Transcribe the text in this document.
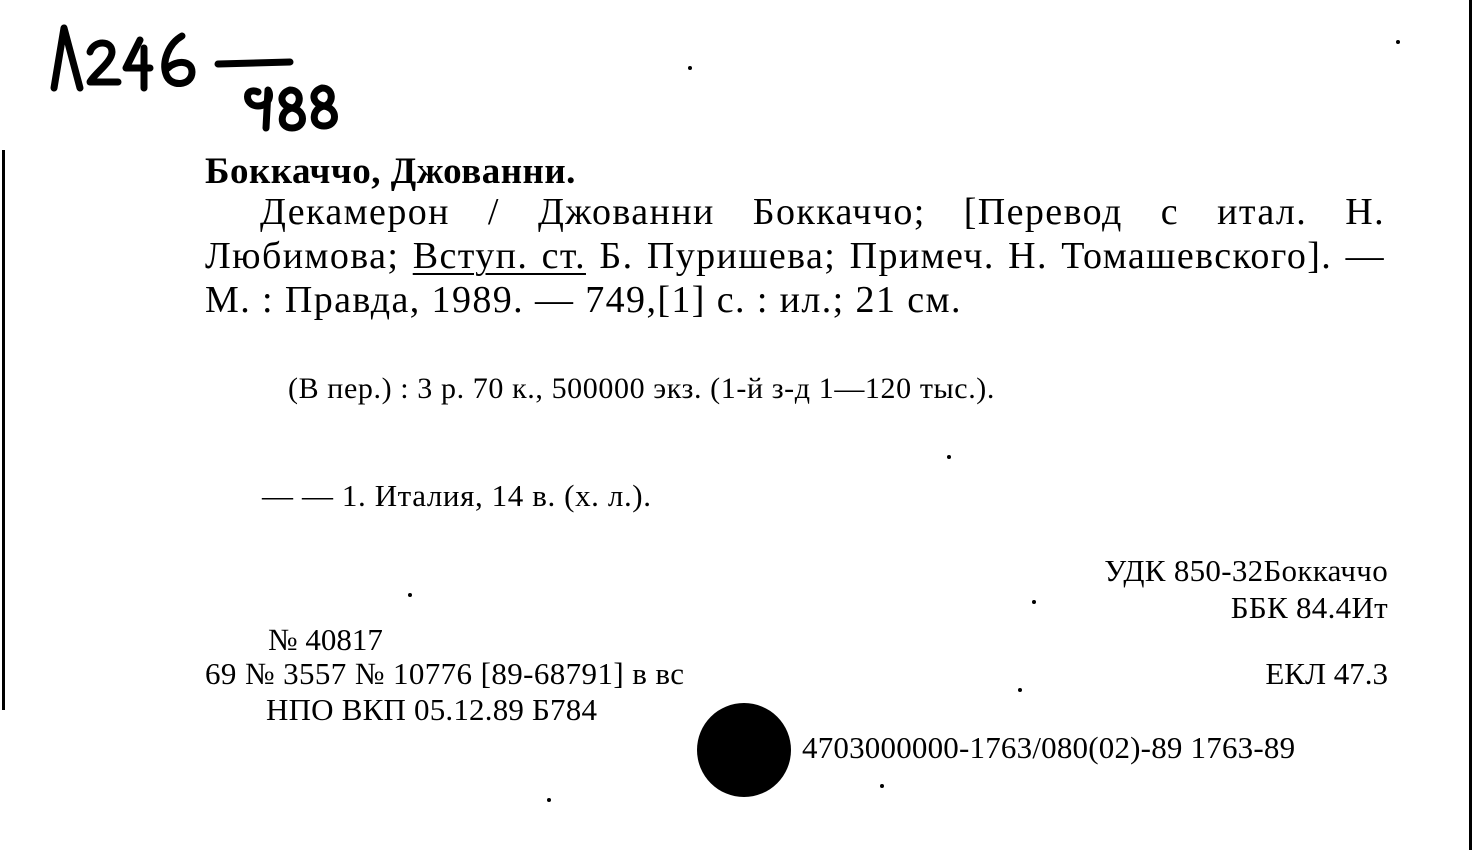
Боккаччо, Джованни.
Декамерон / Джованни Боккаччо; [Перевод с итал. Н. Любимова; Вступ. ст. Б. Пуришева; Примеч. Н. Томашевского]. — М. : Правда, 1989. — 749,[1] с. : ил.; 21 см.
(В пер.) : 3 р. 70 к., 500000 экз. (1-й з-д 1—120 тыс.).
— — 1. Италия, 14 в. (х. л.).
УДК 850-32Боккаччо
ББК 84.4Ит
№ 40817
69 № 3557 № 10776 [89-68791] в вс
НПО ВКП 05.12.89 Б784
ЕКЛ 47.3
4703000000-1763/080(02)-89 1763-89
